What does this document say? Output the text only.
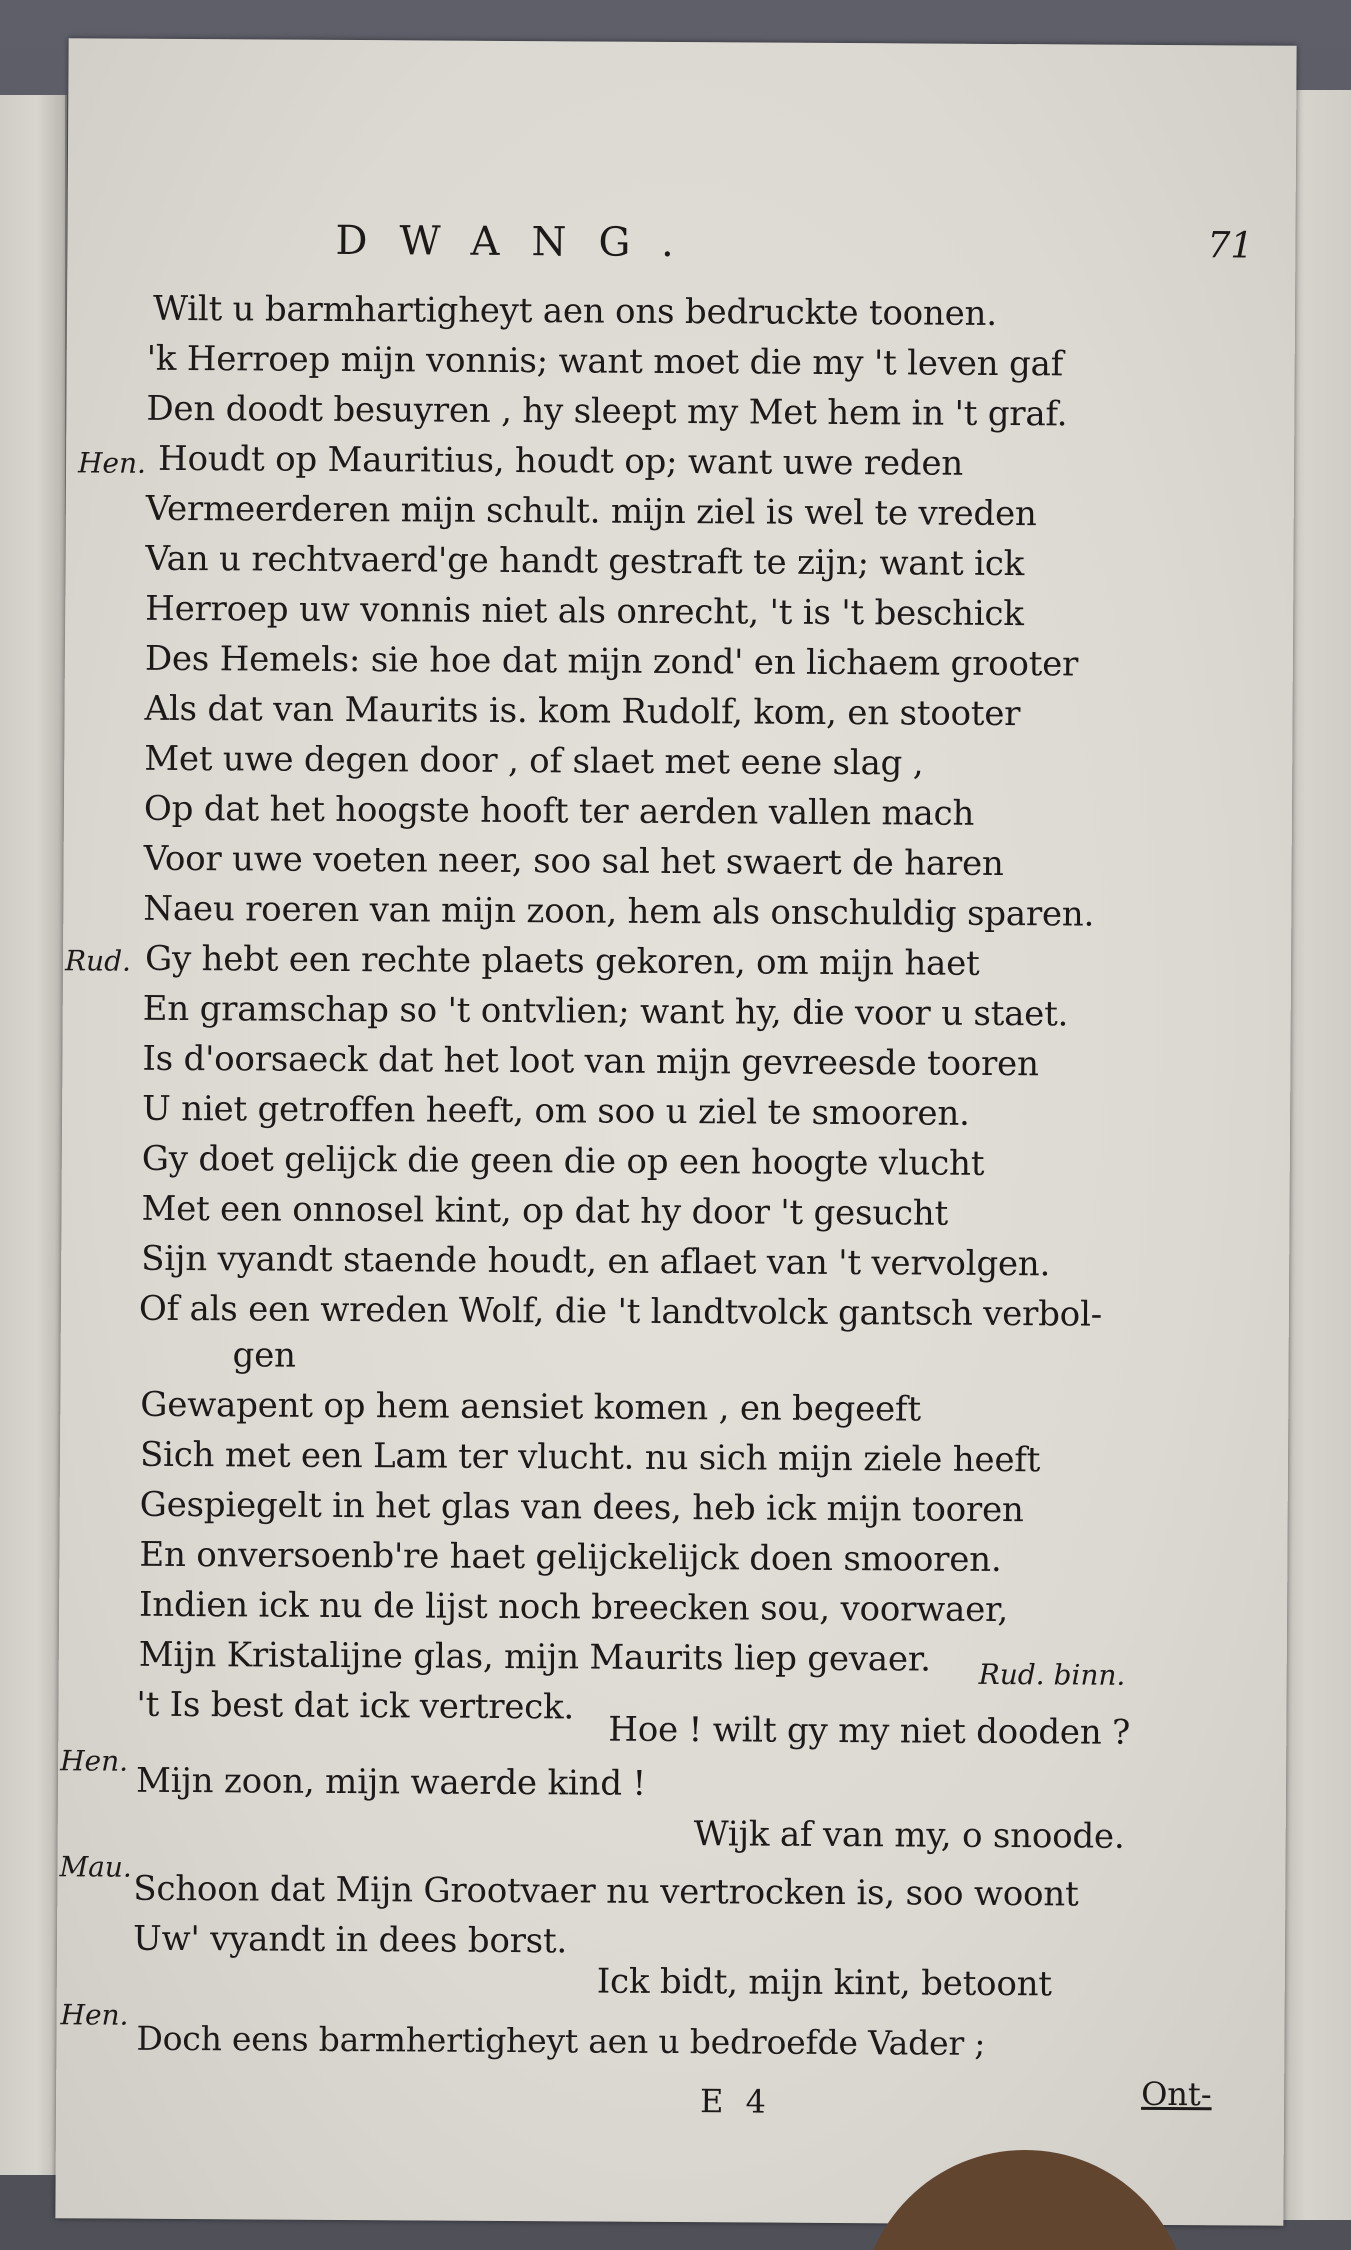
DWANG.	71
Wilt u barmhartigheyt aen ons bedruckte toonen.
'k Herroep mijn vonnis; want moet die my 't leven gaf
Den doodt besuyren , hy sleept my Met hem in 't graf.
Hen. Houdt op Mauritius, houdt op; want uwe reden
Vermeerderen mijn schult. mijn ziel is wel te vreden
Van u rechtvaerd'ge handt gestraft te zijn; want ick
Herroep uw vonnis niet als onrecht, 't is 't beschick
Des Hemels: sie hoe dat mijn zond' en lichaem grooter
Als dat van Maurits is. kom Rudolf, kom, en stooter
Met uwe degen door , of slaet met eene slag ,
Op dat het hoogste hooft ter aerden vallen mach
Voor uwe voeten neer, soo sal het swaert de haren
Naeu roeren van mijn zoon, hem als onschuldig sparen.
Rud. Gy hebt een rechte plaets gekoren, om mijn haet
En gramschap so 't ontvlien; want hy, die voor u staet.
Is d'oorsaeck dat het loot van mijn gevreesde tooren
U niet getroffen heeft, om soo u ziel te smooren.
Gy doet gelijck die geen die op een hoogte vlucht
Met een onnosel kint, op dat hy door 't gesucht
Sijn vyandt staende houdt, en aflaet van 't vervolgen.
Of als een wreden Wolf, die 't landtvolck gantsch verbol-
gen
Gewapent op hem aensiet komen , en begeeft
Sich met een Lam ter vlucht. nu sich mijn ziele heeft
Gespiegelt in het glas van dees, heb ick mijn tooren
En onversoenb're haet gelijckelijck doen smooren.
Indien ick nu de lijst noch breecken sou, voorwaer,
Mijn Kristalijne glas, mijn Maurits liep gevaer.
't Is best dat ick vertreck.
Rud. binn.
Hoe ! wilt gy my niet dooden ?
Hen. Mijn zoon, mijn waerde kind !
Wijk af van my, o snoode.
Mau.
Schoon dat Mijn Grootvaer nu vertrocken is, soo woont
Uw' vyandt in dees borst.
Ick bidt, mijn kint, betoont
Hen.
Doch eens barmhertigheyt aen u bedroefde Vader ;
E 4	Ont-
